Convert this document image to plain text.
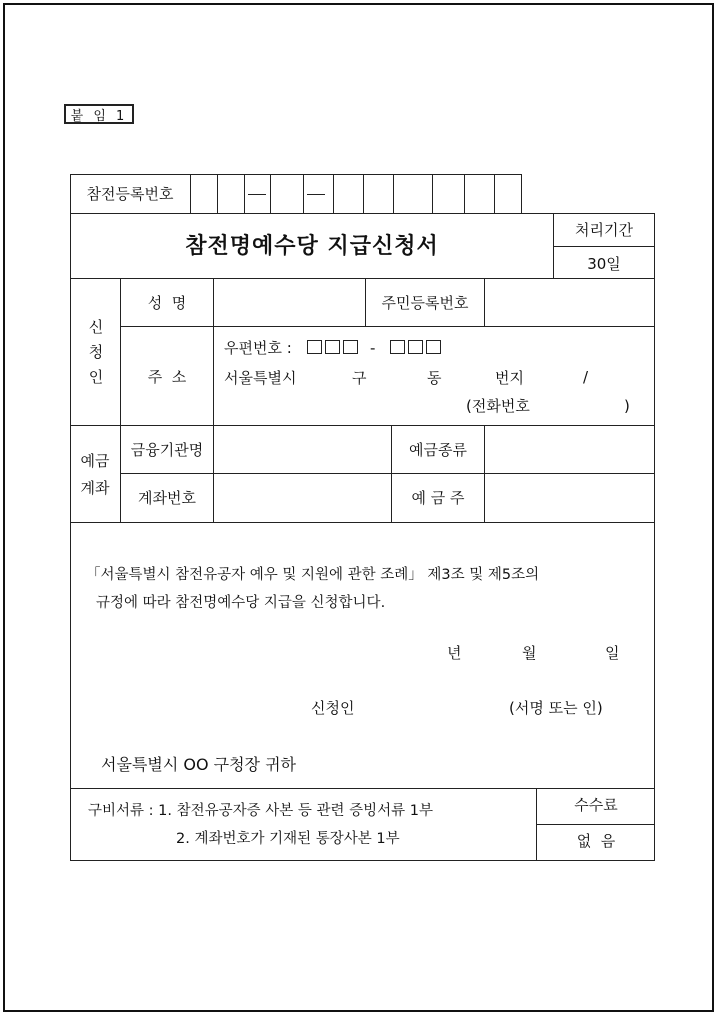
붙 임 1
참전등록번호
참전명예수당 지급신청서
처리기간
30일
신
청
인
성  명	주민등록번호
주  소
우편번호 :	-
서울특별시	구	동	번지	/
(전화번호	)
예금
계좌
금융기관명	예금종류
계좌번호	예 금 주
「서울특별시 참전유공자 예우 및 지원에 관한 조례」 제3조 및 제5조의
규정에 따라 참전명예수당 지급을 신청합니다.
년	월	일
신청인	(서명 또는 인)
서울특별시 OO 구청장 귀하
구비서류 : 1. 참전유공자증 사본 등 관련 증빙서류 1부
2. 계좌번호가 기재된 통장사본 1부
수수료
없  음
